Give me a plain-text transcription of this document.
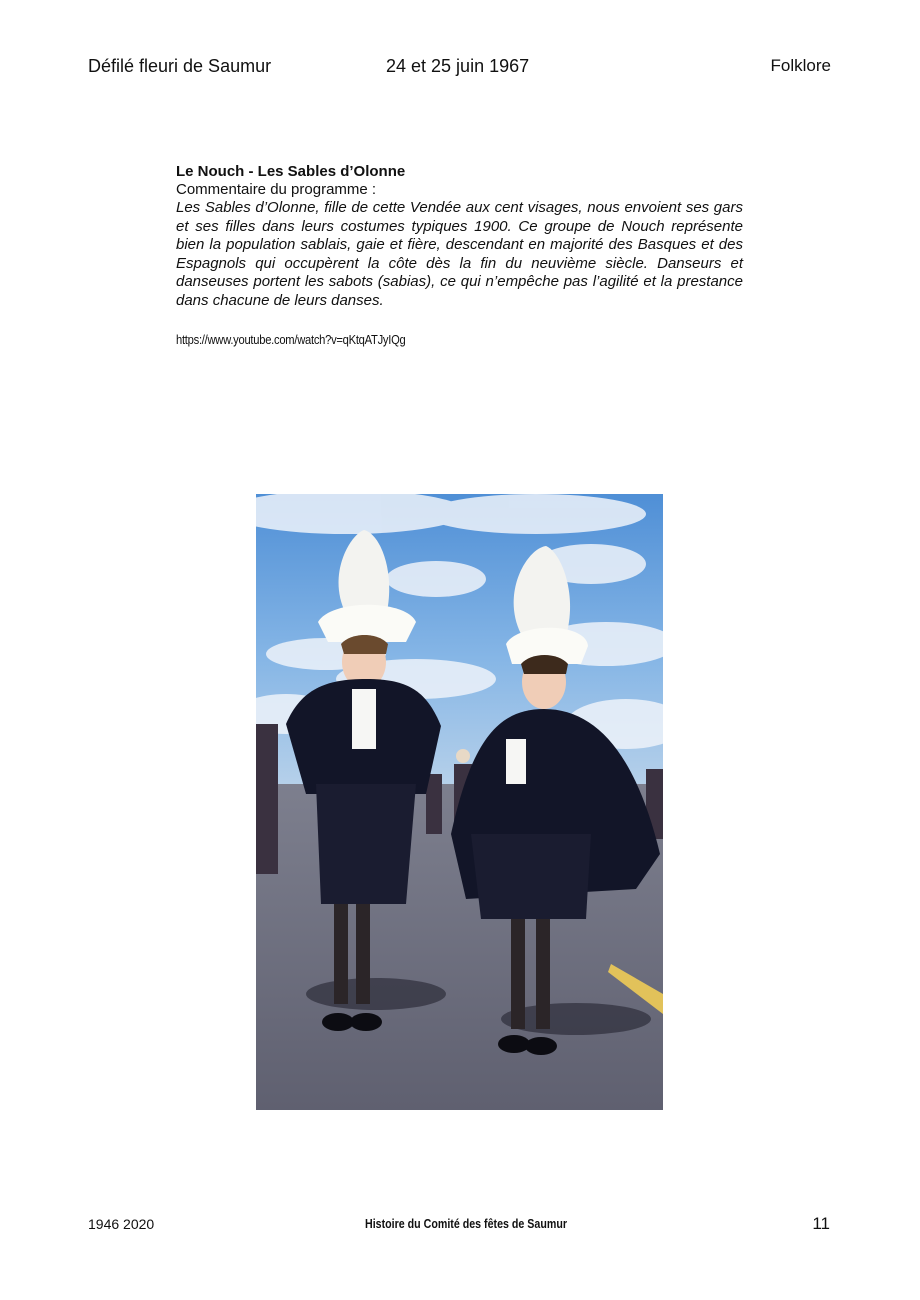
Défilé fleuri de Saumur	24 et 25 juin 1967	Folklore
Le Nouch - Les Sables d’Olonne
Commentaire du programme :
Les Sables d’Olonne, fille de cette Vendée aux cent visages, nous envoient ses gars et ses filles dans leurs costumes typiques 1900. Ce groupe de Nouch représente bien la population sablais, gaie et fière, descendant en majorité des Basques et des Espagnols qui occupèrent la côte dès la fin du neuvième siècle. Danseurs et danseuses portent les sabots (sabias), ce qui n’empêche pas l’agilité et la prestance dans chacune de leurs danses.
https://www.youtube.com/watch?v=qKtqATJyIQg
1946 2020	Histoire du Comité des fêtes de Saumur	11
